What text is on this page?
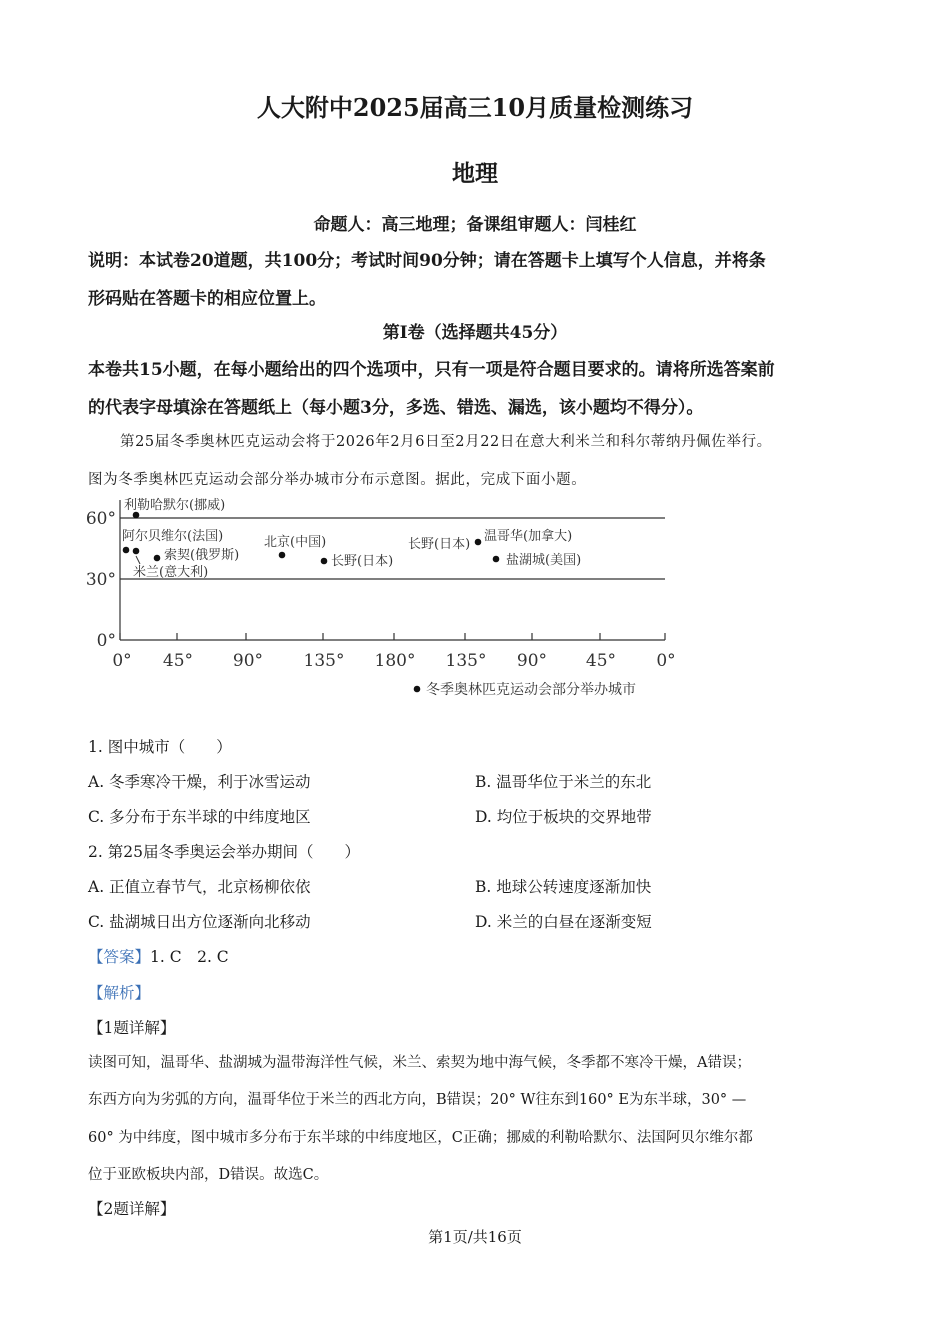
人大附中2025届高三10月质量检测练习
地理
命题人：高三地理；备课组审题人：闫桂红
说明：本试卷20道题，共100分；考试时间90分钟；请在答题卡上填写个人信息，并将条
形码贴在答题卡的相应位置上。
第Ⅰ卷（选择题共45分）
本卷共15小题，在每小题给出的四个选项中，只有一项是符合题目要求的。请将所选答案前
的代表字母填涂在答题纸上（每小题3分，多选、错选、漏选，该小题均不得分）。
第25届冬季奥林匹克运动会将于2026年2月6日至2月22日在意大利米兰和科尔蒂纳丹佩佐举行。
图为冬季奥林匹克运动会部分举办城市分布示意图。据此，完成下面小题。
60°
30°
0°
0° 45° 90° 135° 180° 135° 90° 45° 0°
利勒哈默尔(挪威)
阿尔贝维尔(法国)
米兰(意大利)
索契(俄罗斯)
北京(中国)
长野(日本)
长野(日本)
温哥华(加拿大)
盐湖城(美国)
冬季奥林匹克运动会部分举办城市
1. 图中城市（　　）
A. 冬季寒冷干燥，利于冰雪运动	B. 温哥华位于米兰的东北
C. 多分布于东半球的中纬度地区	D. 均位于板块的交界地带
2. 第25届冬季奥运会举办期间（　　）
A. 正值立春节气，北京杨柳依依	B. 地球公转速度逐渐加快
C. 盐湖城日出方位逐渐向北移动	D. 米兰的白昼在逐渐变短
【答案】1. C　2. C
【解析】
【1题详解】
读图可知，温哥华、盐湖城为温带海洋性气候，米兰、索契为地中海气候，冬季都不寒冷干燥，A错误；
东西方向为劣弧的方向，温哥华位于米兰的西北方向，B错误；20° W往东到160° E为东半球，30° —
60° 为中纬度，图中城市多分布于东半球的中纬度地区，C正确；挪威的利勒哈默尔、法国阿贝尔维尔都
位于亚欧板块内部，D错误。故选C。
【2题详解】
第1页/共16页
